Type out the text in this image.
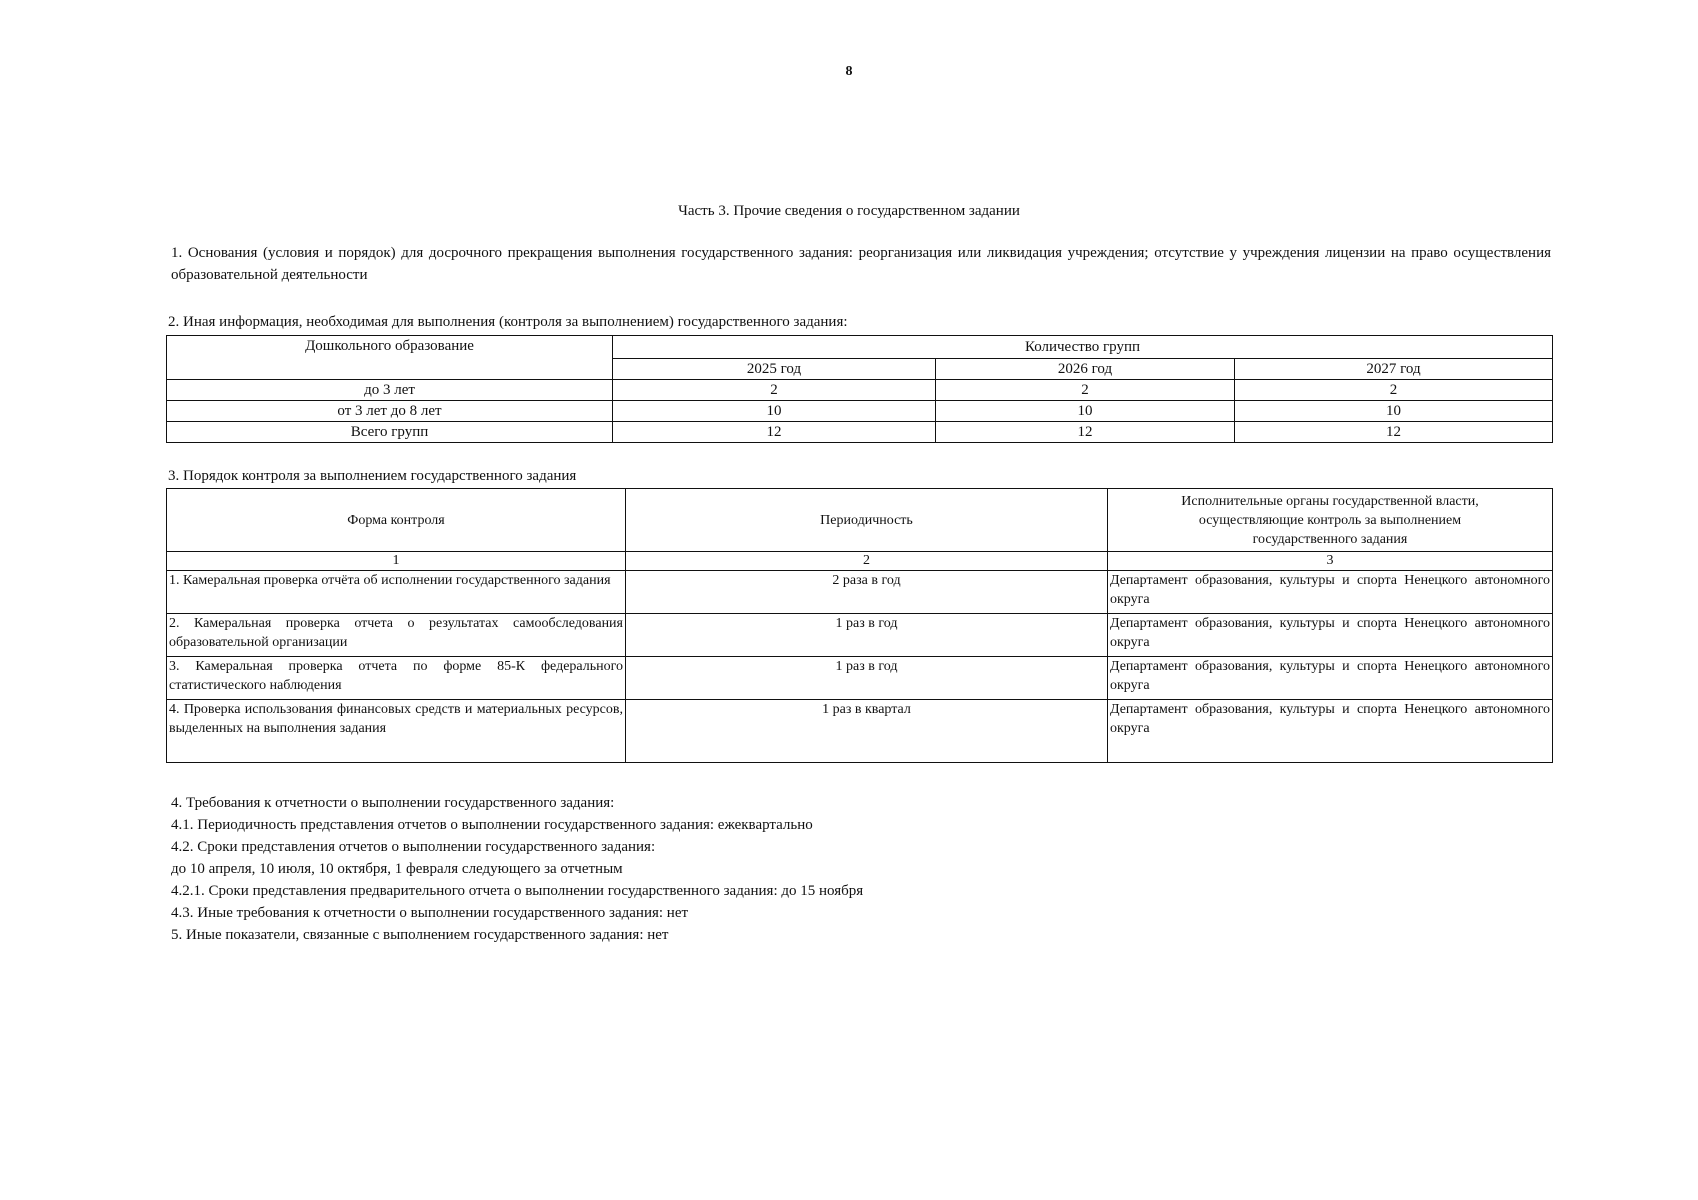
8
Часть 3. Прочие сведения о государственном задании
1. Основания (условия и порядок) для досрочного прекращения выполнения государственного задания: реорганизация или ликвидация учреждения; отсутствие у учреждения лицензии на право осуществления образовательной деятельности
2. Иная информация, необходимая для выполнения (контроля за выполнением) государственного задания:
Дошкольного образование	Количество групп		
	2025 год	2026 год	2027 год
до 3 лет	2	2	2
от 3 лет до 8 лет	10	10	10
Всего групп	12	12	12
3. Порядок контроля за выполнением государственного задания
Форма контроля	Периодичность	Исполнительные органы государственной власти, осуществляющие контроль за выполнением государственного задания
1	2	3
1. Камеральная проверка отчёта об исполнении государственного задания	2 раза в год	Департамент образования, культуры и спорта Ненецкого автономного округа
2. Камеральная проверка отчета о результатах самообследования образовательной организации	1 раз в год	Департамент образования, культуры и спорта Ненецкого автономного округа
3. Камеральная проверка отчета по форме 85-К федерального статистического наблюдения	1 раз в год	Департамент образования, культуры и спорта Ненецкого автономного округа
4. Проверка использования финансовых средств и материальных ресурсов, выделенных на выполнения задания	1 раз в квартал	Департамент образования, культуры и спорта Ненецкого автономного округа
4. Требования к отчетности о выполнении государственного задания:
4.1. Периодичность представления отчетов о выполнении государственного задания: ежеквартально
4.2. Сроки представления отчетов о выполнении государственного задания:
до 10 апреля, 10 июля, 10 октября, 1 февраля следующего за отчетным
4.2.1. Сроки представления предварительного отчета о выполнении государственного задания: до 15 ноября
4.3. Иные требования к отчетности о выполнении государственного задания: нет
5. Иные показатели, связанные с выполнением государственного задания: нет
